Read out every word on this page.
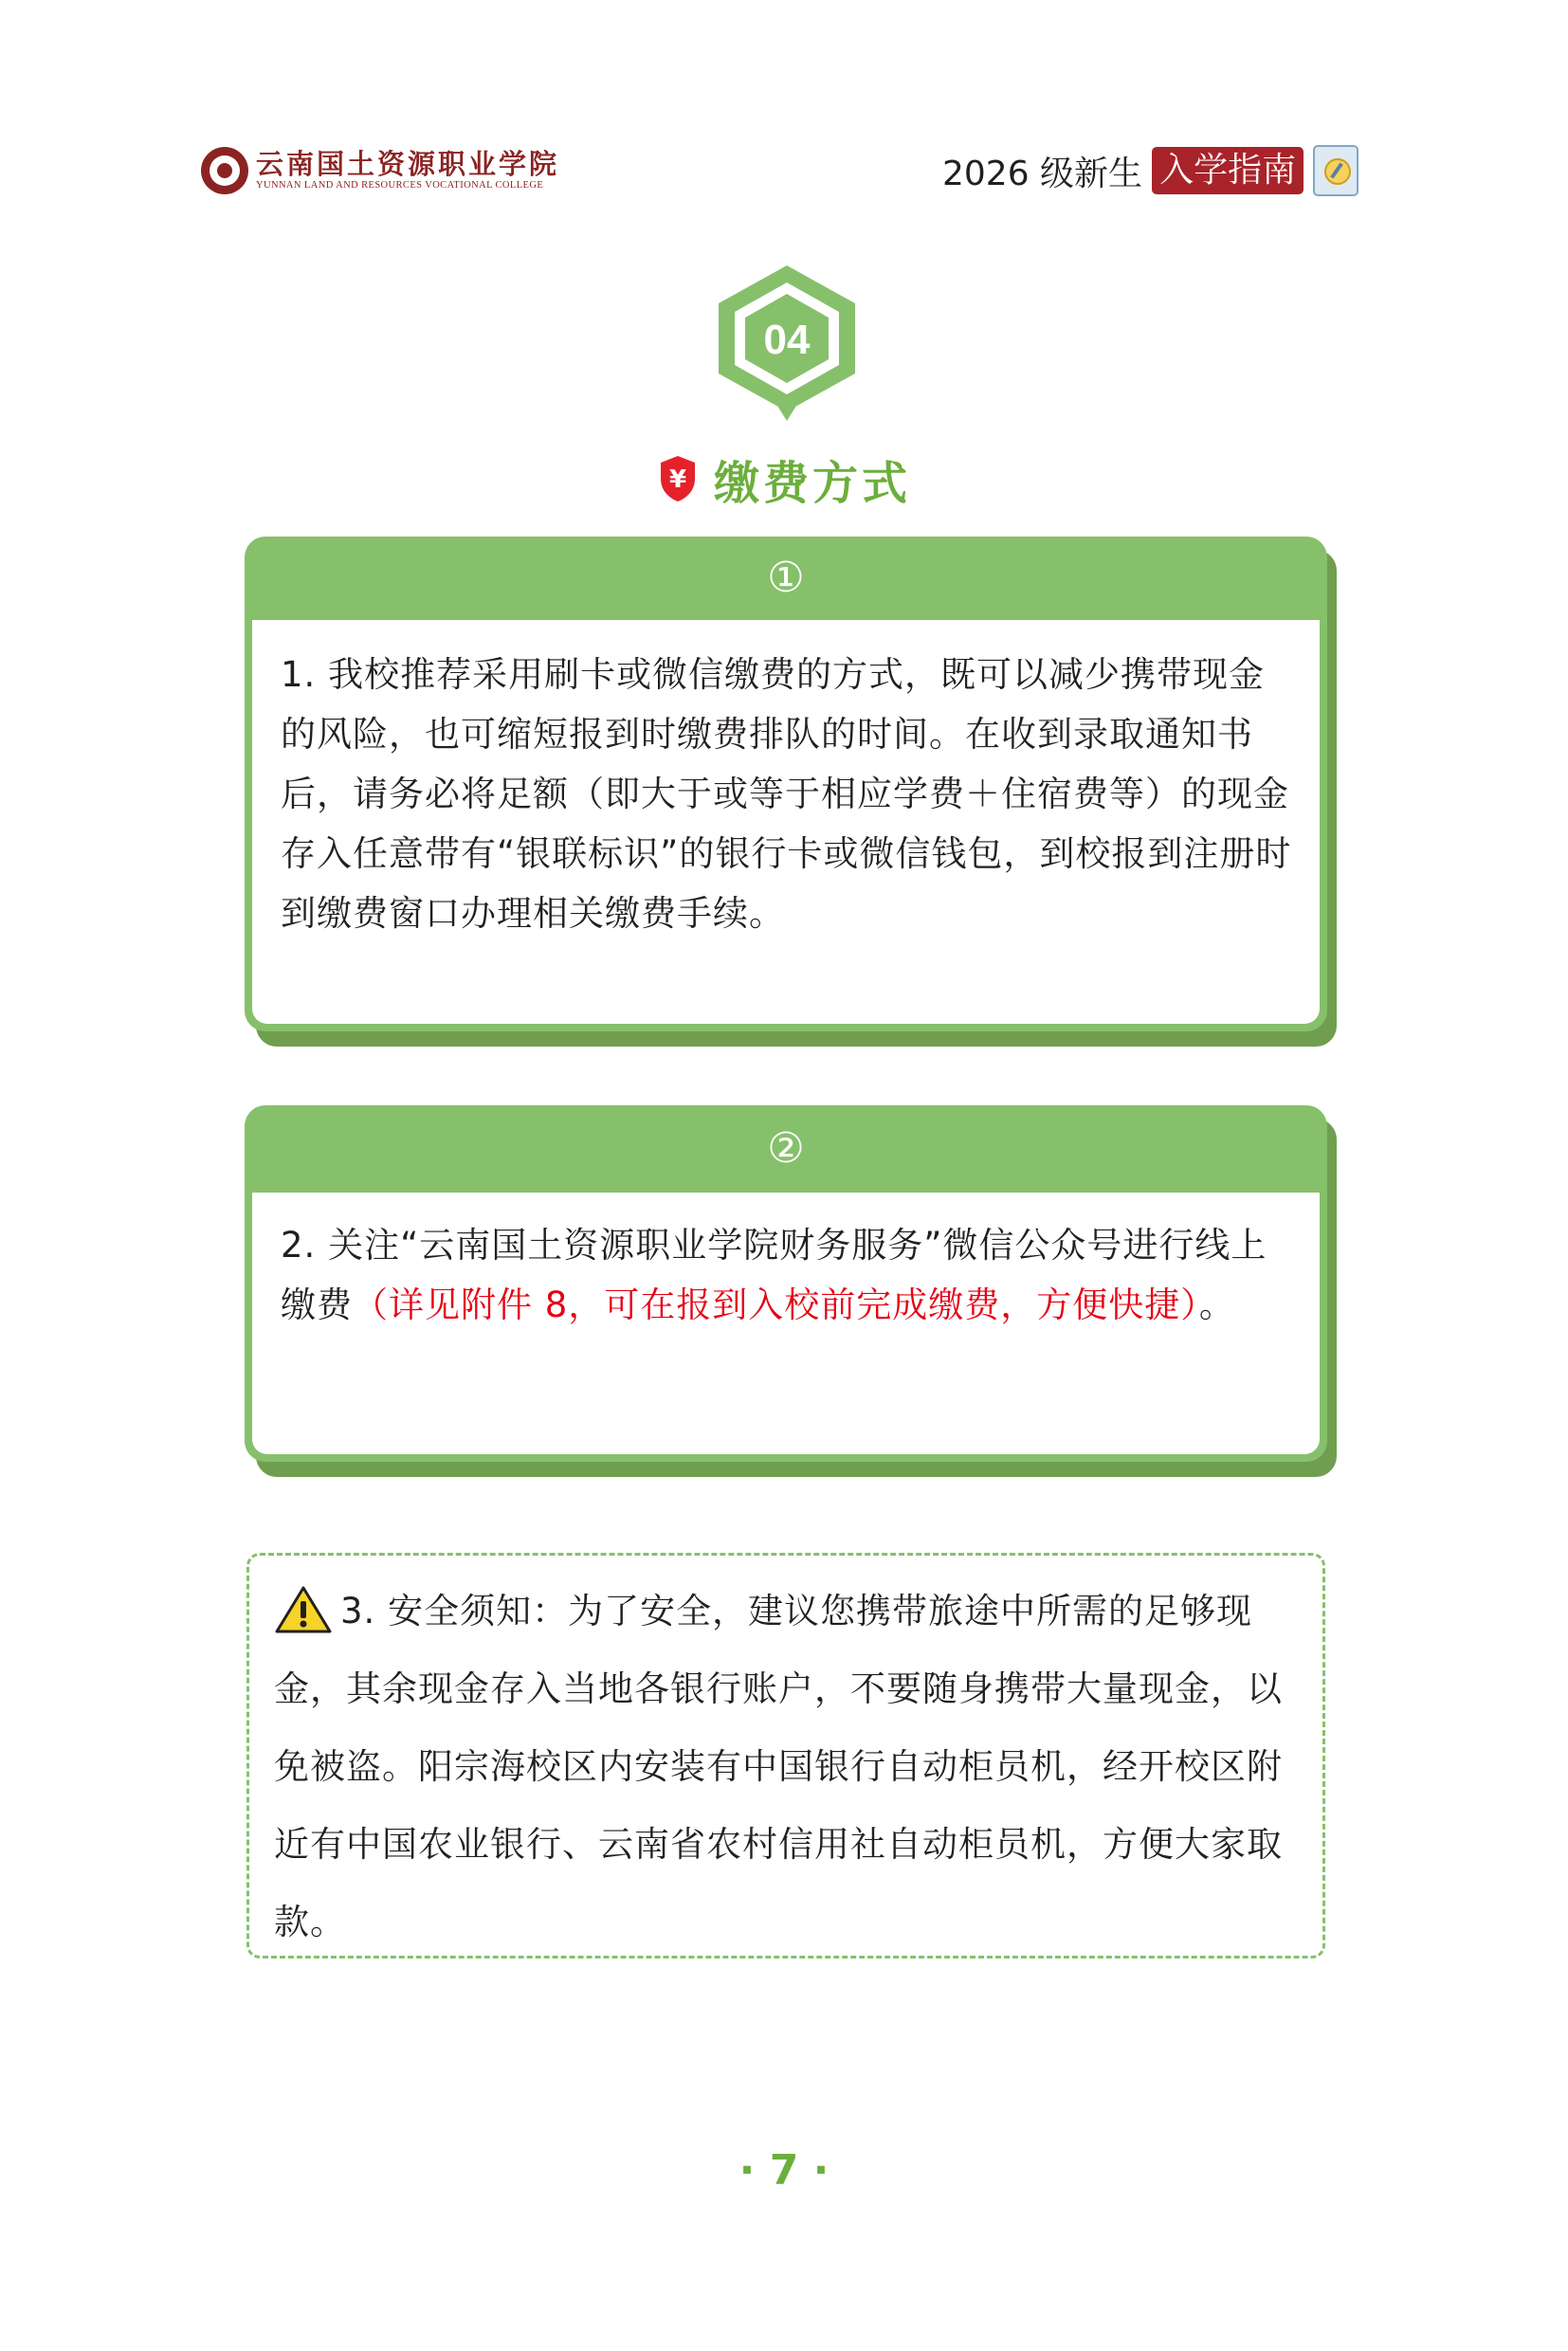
云南国土资源职业学院
YUNNAN LAND AND RESOURCES VOCATIONAL COLLEGE	2026 级新生 入学指南
04
¥ 缴费方式
①
1. 我校推荐采用刷卡或微信缴费的方式，既可以减少携带现金的风险，也可缩短报到时缴费排队的时间。在收到录取通知书后，请务必将足额（即大于或等于相应学费＋住宿费等）的现金存入任意带有“银联标识”的银行卡或微信钱包，到校报到注册时到缴费窗口办理相关缴费手续。
②
2. 关注“云南国土资源职业学院财务服务”微信公众号进行线上缴费（详见附件 8，可在报到入校前完成缴费，方便快捷）。
3. 安全须知：为了安全，建议您携带旅途中所需的足够现金，其余现金存入当地各银行账户，不要随身携带大量现金，以免被盗。阳宗海校区内安装有中国银行自动柜员机，经开校区附近有中国农业银行、云南省农村信用社自动柜员机，方便大家取款。
· 7 ·
